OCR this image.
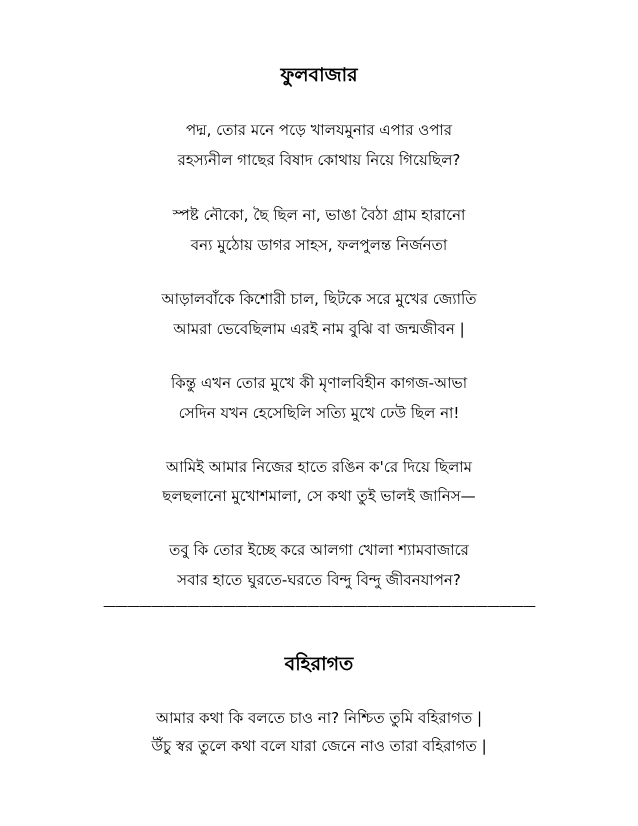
ফুলবাজার
পদ্ম, তোর মনে পড়ে খালযমুনার এপার ওপার
রহস্যনীল গাছের বিষাদ কোথায় নিয়ে গিয়েছিল?
স্পষ্ট নৌকো, ছৈ ছিল না, ভাঙা বৈঠা গ্রাম হারানো
বন্য মুঠোয় ডাগর সাহস, ফলপুলন্ত নির্জনতা
আড়ালবাঁকে কিশোরী চাল, ছিটকে সরে মুখের জ্যোতি
আমরা ভেবেছিলাম এরই নাম বুঝি বা জন্মজীবন |
কিন্তু এখন তোর মুখে কী মৃণালবিহীন কাগজ-আভা
সেদিন যখন হেসেছিলি সত্যি মুখে ঢেউ ছিল না!
আমিই আমার নিজের হাতে রঙিন ক'রে দিয়ে ছিলাম
ছলছলানো মুখোশমালা, সে কথা তুই ভালই জানিস—
তবু কি তোর ইচ্ছে করে আলগা খোলা শ্যামবাজারে
সবার হাতে ঘুরতে-ঘরতে বিন্দু বিন্দু জীবনযাপন?
————————————————————————————————————
বহিরাগত
আমার কথা কি বলতে চাও না? নিশ্চিত তুমি বহিরাগত |
উঁচু স্বর তুলে কথা বলে যারা জেনে নাও তারা বহিরাগত |
